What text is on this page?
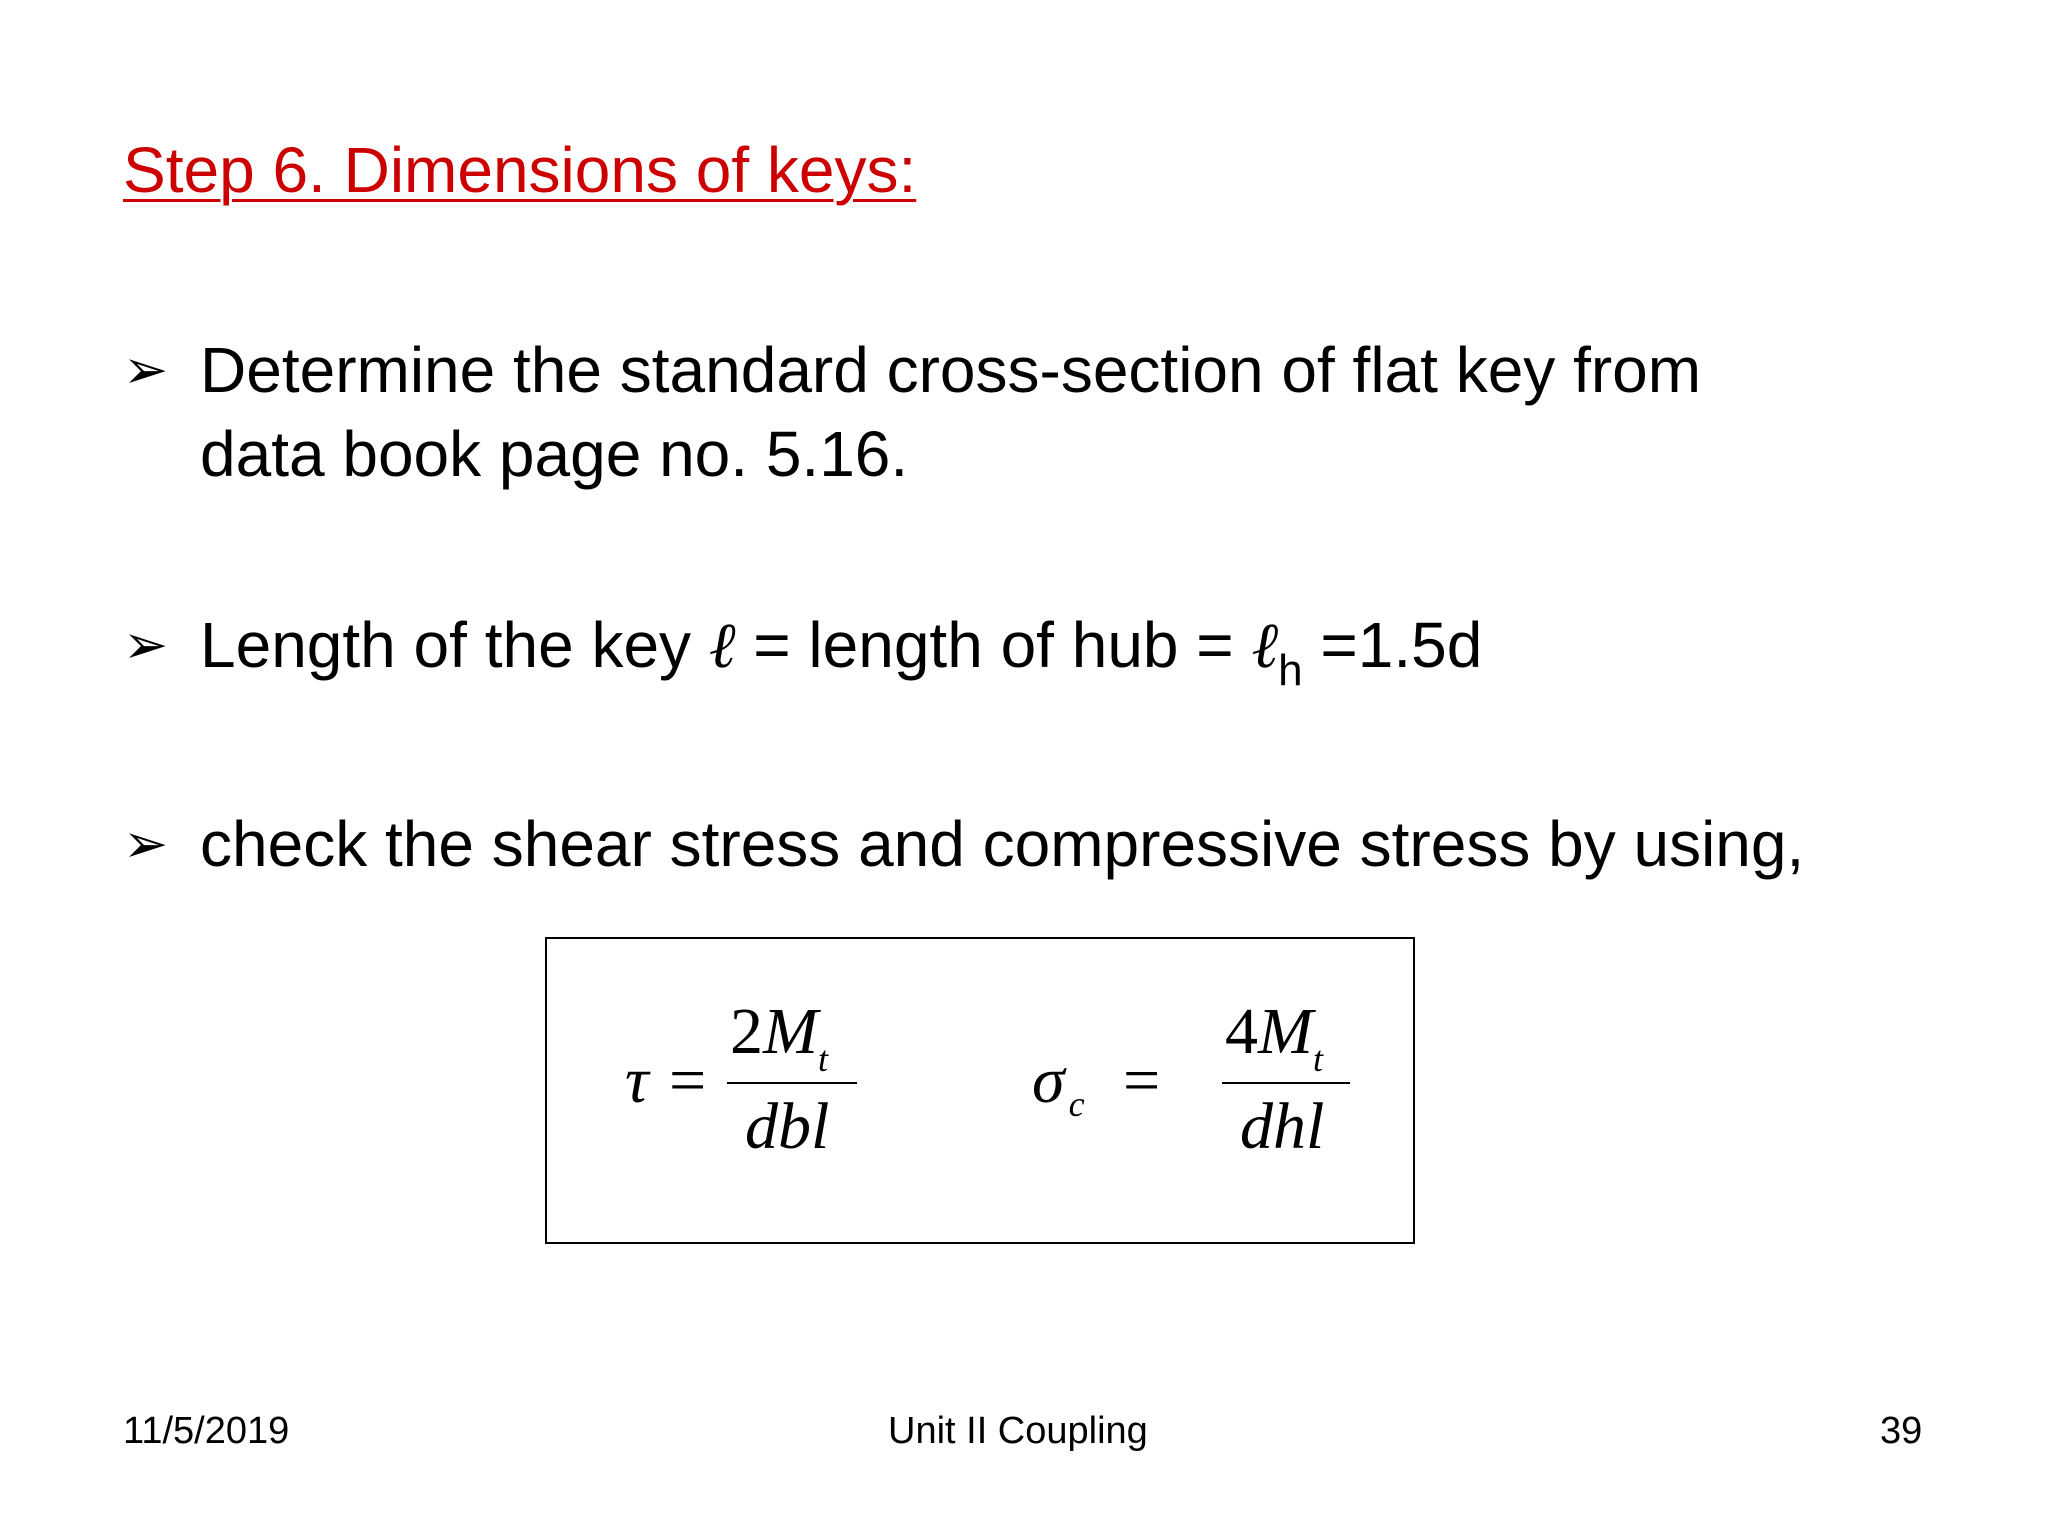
Step 6. Dimensions of keys:
➢ Determine the standard cross-section of flat key from
data book page no. 5.16.
➢ Length of the key ℓ = length of hub = ℓ$_h$ =1.5d
➢ check the shear stress and compressive stress by using,
τ =
$2M_t$
dbl
σ $_c$ =
$4M_t$
dhl
11/5/2019	Unit II Coupling	39
